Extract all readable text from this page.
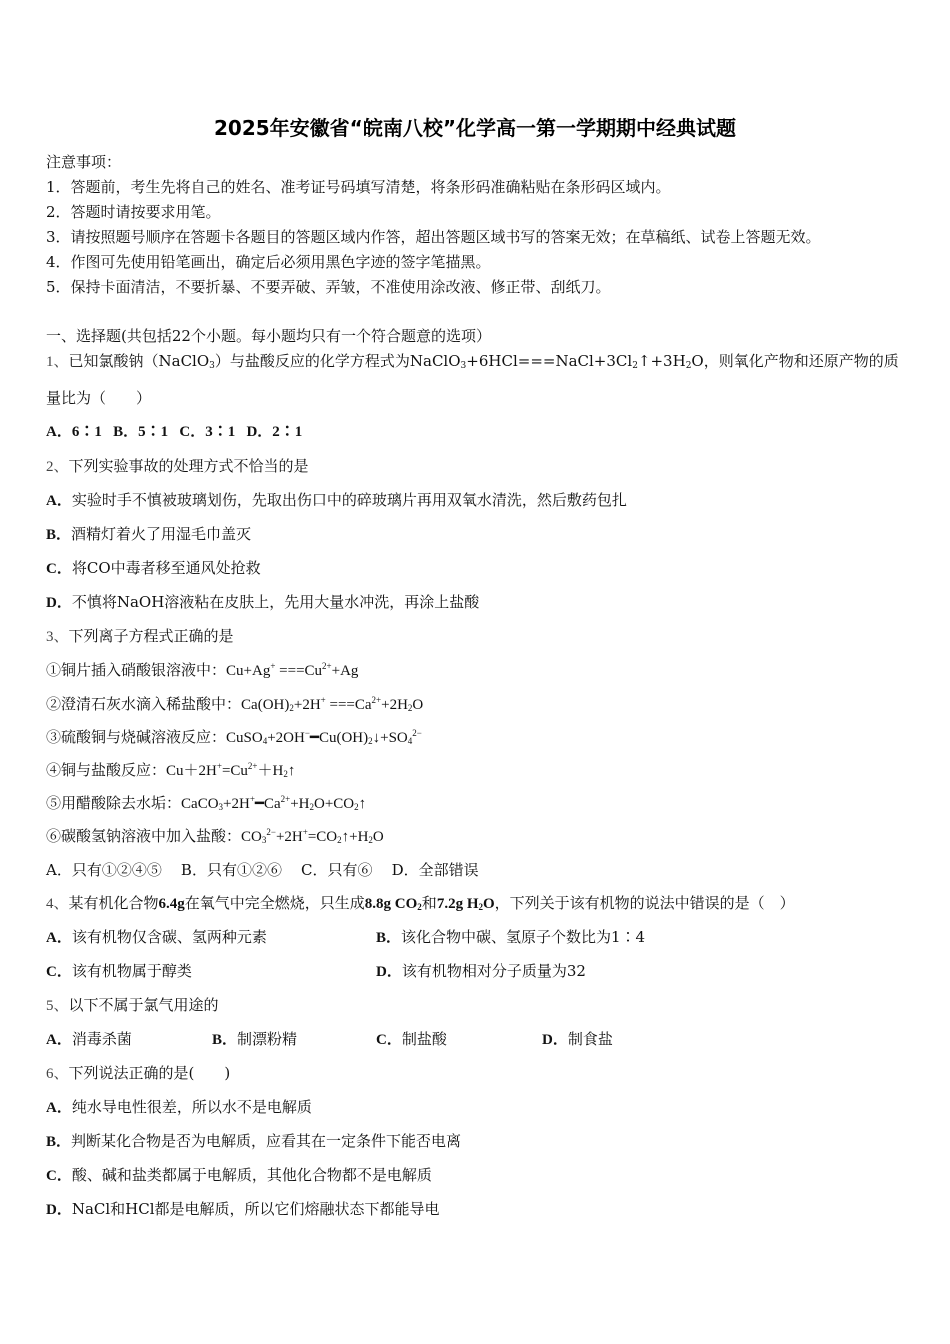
2025年安徽省“皖南八校”化学高一第一学期期中经典试题
注意事项：
1．答题前，考生先将自己的姓名、准考证号码填写清楚，将条形码准确粘贴在条形码区域内。
2．答题时请按要求用笔。
3．请按照题号顺序在答题卡各题目的答题区域内作答，超出答题区域书写的答案无效；在草稿纸、试卷上答题无效。
4．作图可先使用铅笔画出，确定后必须用黑色字迹的签字笔描黑。
5．保持卡面清洁，不要折暴、不要弄破、弄皱，不准使用涂改液、修正带、刮纸刀。
一、选择题(共包括22个小题。每小题均只有一个符合题意的选项）
1、已知氯酸钠（NaClO$_3$）与盐酸反应的化学方程式为$NaClO_3+6HCl===NaCl+3Cl_2↑+3H_2O$，则氧化产物和还原产物的质
量比为（　　）
A．6∶1 B．5∶1 C．3∶1 D．2∶1
2、下列实验事故的处理方式不恰当的是
A．实验时手不慎被玻璃划伤，先取出伤口中的碎玻璃片再用双氧水清洗，然后敷药包扎
B．酒精灯着火了用湿毛巾盖灭
C．将CO中毒者移至通风处抢救
D．不慎将NaOH溶液粘在皮肤上，先用大量水冲洗，再涂上盐酸
3、下列离子方程式正确的是
①铜片插入硝酸银溶液中：$Cu+Ag^+ ===Cu^{2+}+Ag$
②澄清石灰水滴入稀盐酸中：$Ca(OH)_2+2H^+ ===Ca^{2+}+2H_2O$
③硫酸铜与烧碱溶液反应：$CuSO_4+2OH^-━Cu(OH)_2↓+SO_4^{2-}$
④铜与盐酸反应：$Cu+2H^+=Cu^{2+}+H_2↑$
⑤用醋酸除去水垢：$CaCO_3+2H^+━Ca^{2+}+H_2O+CO_2↑$
⑥碳酸氢钠溶液中加入盐酸：$CO_3^{2-}+2H^+=CO_2↑+H_2O$
A．只有①②④⑤ B．只有①②⑥ C．只有⑥ D．全部错误
4、某有机化合物6.4g在氧气中完全燃烧，只生成8.8g $CO_2$和7.2g $H_2O$，下列关于该有机物的说法中错误的是（　）
A．该有机物仅含碳、氢两种元素	B．该化合物中碳、氢原子个数比为1∶4
C．该有机物属于醇类	D．该有机物相对分子质量为32
5、以下不属于氯气用途的
A．消毒杀菌	B．制漂粉精	C．制盐酸	D．制食盐
6、下列说法正确的是(　　)
A．纯水导电性很差，所以水不是电解质
B．判断某化合物是否为电解质，应看其在一定条件下能否电离
C．酸、碱和盐类都属于电解质，其他化合物都不是电解质
D．NaCl和HCl都是电解质，所以它们熔融状态下都能导电
